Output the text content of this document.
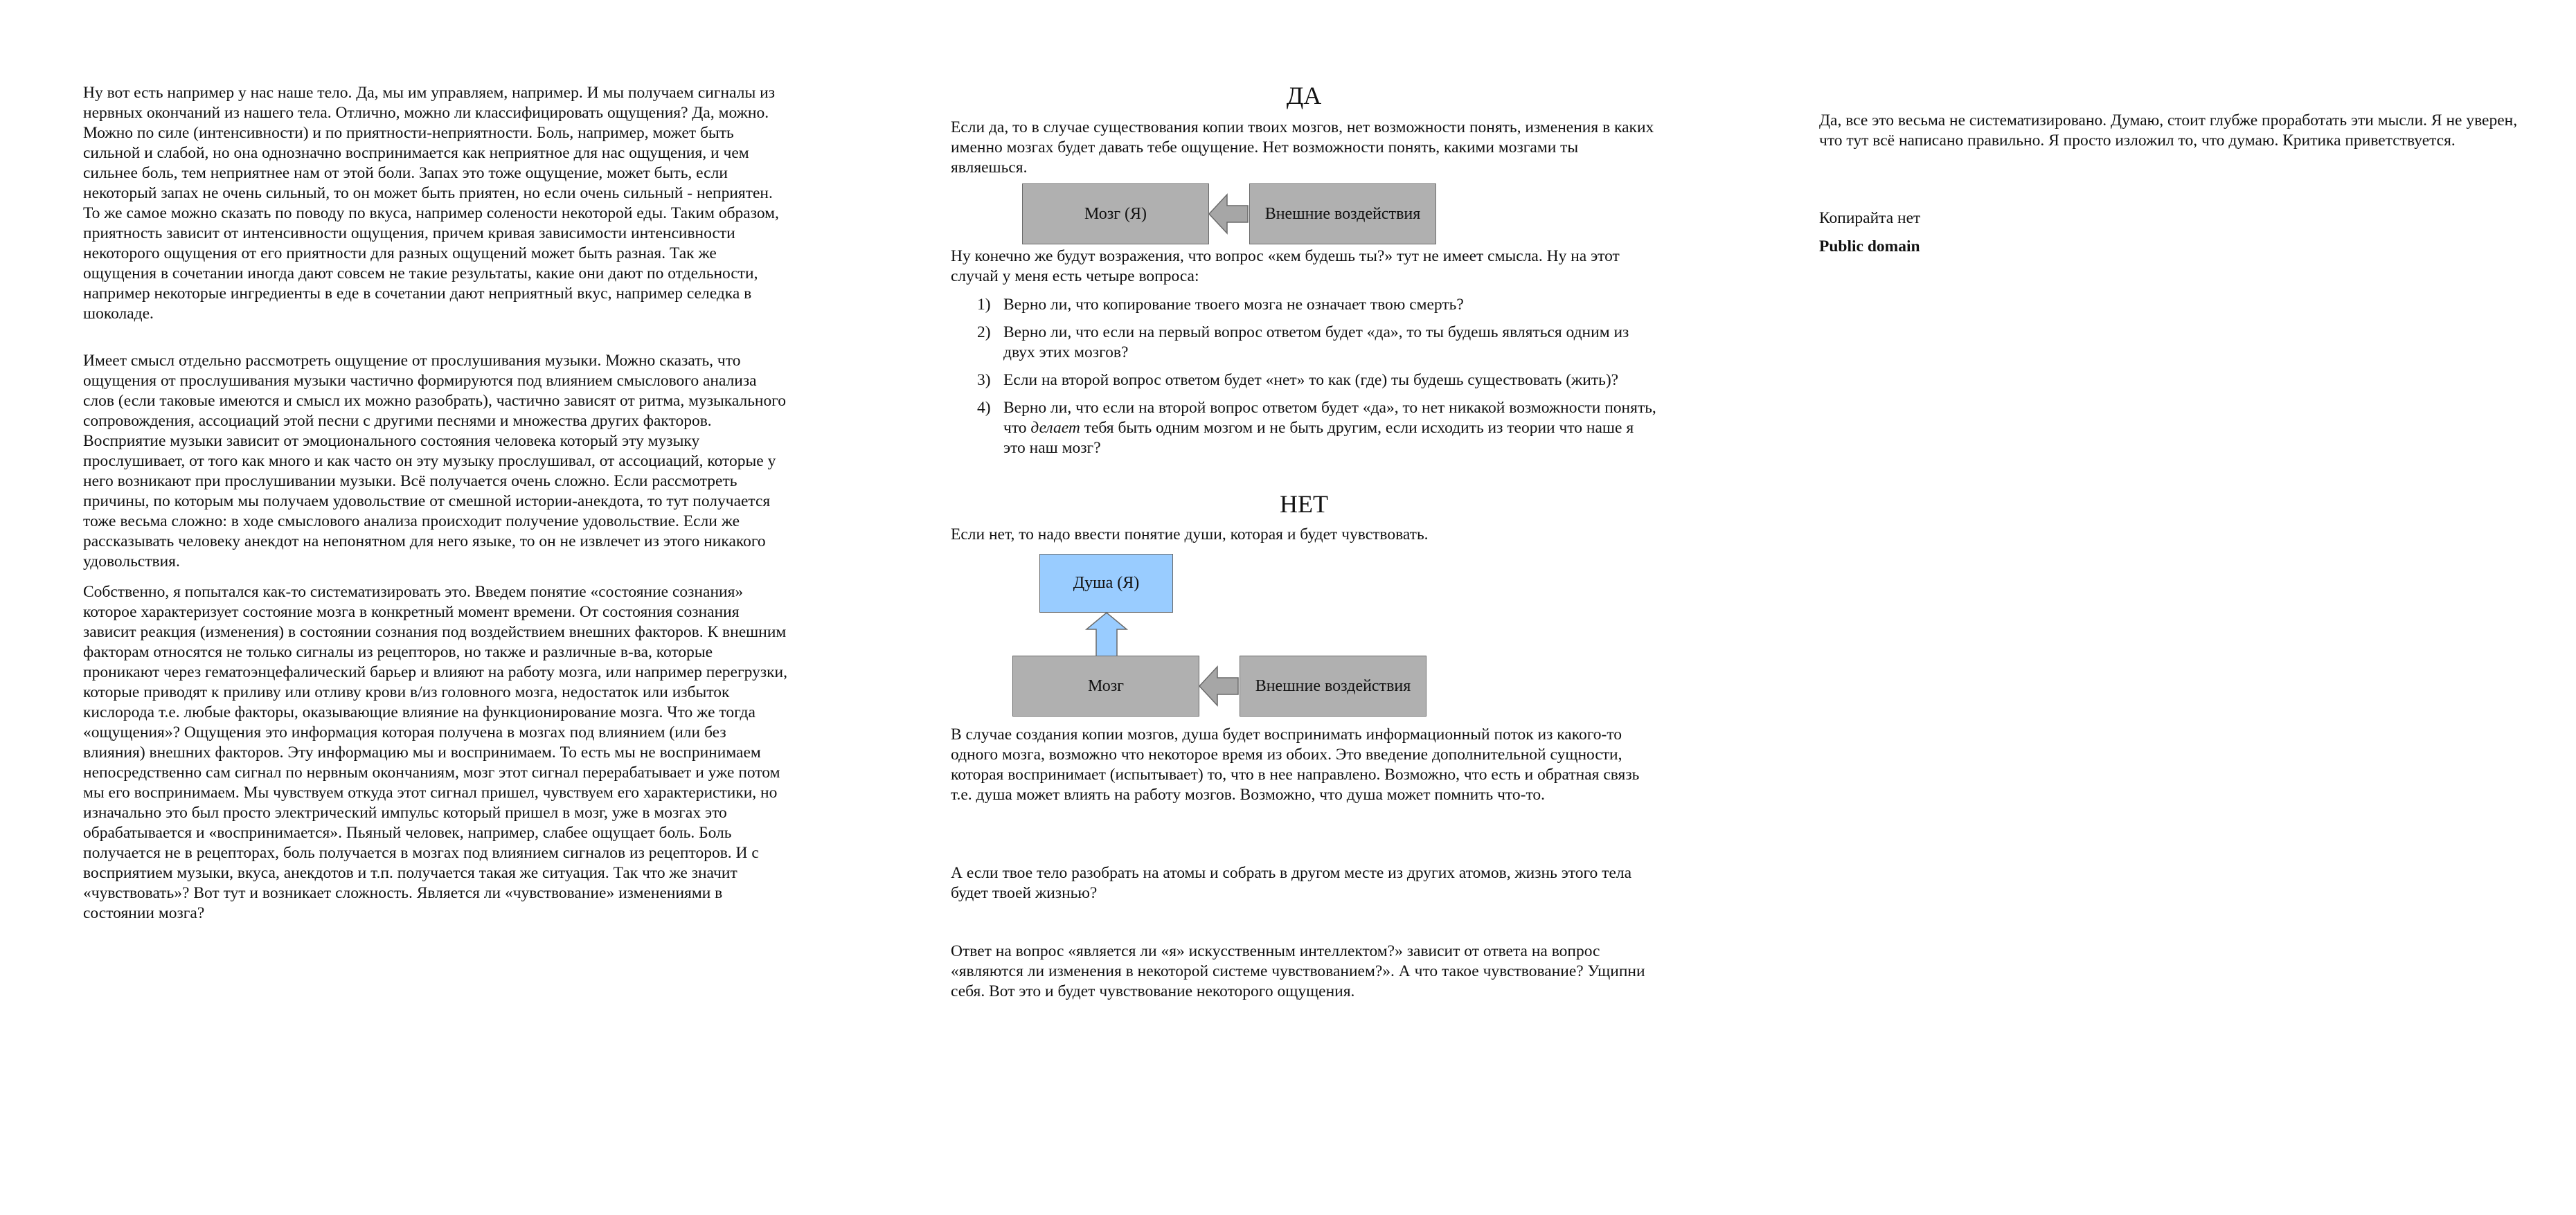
Ну вот есть например у нас наше тело. Да, мы им управляем, например. И мы получаем сигналы из нервных окончаний из нашего тела. Отлично, можно ли классифицировать ощущения? Да, можно. Можно по силе (интенсивности) и по приятности-неприятности. Боль, например, может быть сильной и слабой, но она однозначно воспринимается как неприятное для нас ощущения, и чем сильнее боль, тем неприятнее нам от этой боли. Запах это тоже ощущение, может быть, если некоторый запах не очень сильный, то он может быть приятен, но если очень сильный - неприятен. То же самое можно сказать по поводу по вкуса, например солености некоторой еды. Таким образом, приятность зависит от интенсивности ощущения, причем кривая зависимости интенсивности некоторого ощущения от его приятности для разных ощущений может быть разная. Так же ощущения в сочетании иногда дают совсем не такие результаты, какие они дают по отдельности, например некоторые ингредиенты в еде в сочетании дают неприятный вкус, например селедка в шоколаде.

Имеет смысл отдельно рассмотреть ощущение от прослушивания музыки. Можно сказать, что ощущения от прослушивания музыки частично формируются под влиянием смыслового анализа слов (если таковые имеются и смысл их можно разобрать), частично зависят от ритма, музыкального сопровождения, ассоциаций этой песни с другими песнями и множества других факторов. Восприятие музыки зависит от эмоционального состояния человека который эту музыку прослушивает, от того как много и как часто он эту музыку прослушивал, от ассоциаций, которые у него возникают при прослушивании музыки. Всё получается очень сложно. Если рассмотреть причины, по которым мы получаем удовольствие от смешной истории-анекдота, то тут получается тоже весьма сложно: в ходе смыслового анализа происходит получение удовольствие. Если же рассказывать человеку анекдот на непонятном для него языке, то он не извлечет из этого никакого удовольствия.

Собственно, я попытался как-то систематизировать это. Введем понятие «состояние сознания» которое характеризует состояние мозга в конкретный момент времени. От состояния сознания зависит реакция (изменения) в состоянии сознания под воздействием внешних факторов. К внешним факторам относятся не только сигналы из рецепторов, но также и различные в-ва, которые проникают через гематоэнцефалический барьер и влияют на работу мозга, или например перегрузки, которые приводят к приливу или отливу крови в/из головного мозга, недостаток или избыток кислорода т.е. любые факторы, оказывающие влияние на функционирование мозга. Что же тогда «ощущения»? Ощущения это информация которая получена в мозгах под влиянием (или без влияния) внешних факторов. Эту информацию мы и воспринимаем. То есть мы не воспринимаем непосредственно сам сигнал по нервным окончаниям, мозг этот сигнал перерабатывает и уже потом мы его воспринимаем. Мы чувствуем откуда этот сигнал пришел, чувствуем его характеристики, но изначально это был просто электрический импульс который пришел в мозг, уже в мозгах это обрабатывается и «воспринимается». Пьяный человек, например, слабее ощущает боль. Боль получается не в рецепторах, боль получается в мозгах под влиянием сигналов из рецепторов. И с восприятием музыки, вкуса, анекдотов и т.п. получается такая же ситуация. Так что же значит «чувствовать»? Вот тут и возникает сложность. Является ли «чувствование» изменениями в состоянии мозга?

ДА

Если да, то в случае существования копии твоих мозгов, нет возможности понять, изменения в каких именно мозгах будет давать тебе ощущение. Нет возможности понять, какими мозгами ты являешься.

Мозг (Я)	Внешние воздействия

Ну конечно же будут возражения, что вопрос «кем будешь ты?» тут не имеет смысла. Ну на этот случай у меня есть четыре вопроса:

1) Верно ли, что копирование твоего мозга не означает твою смерть?
2) Верно ли, что если на первый вопрос ответом будет «да», то ты будешь являться одним из двух этих мозгов?
3) Если на второй вопрос ответом будет «нет» то как (где) ты будешь существовать (жить)?
4) Верно ли, что если на второй вопрос ответом будет «да», то нет никакой возможности понять, что делает тебя быть одним мозгом и не быть другим, если исходить из теории что наше я это наш мозг?
НЕТ

Если нет, то надо ввести понятие души, которая и будет чувствовать.

Душа (Я)
Мозг	Внешние воздействия

В случае создания копии мозгов, душа будет воспринимать информационный поток из какого-то одного мозга, возможно что некоторое время из обоих. Это введение дополнительной сущности, которая воспринимает (испытывает) то, что в нее направлено. Возможно, что есть и обратная связь т.е. душа может влиять на работу мозгов. Возможно, что душа может помнить что-то.

А если твое тело разобрать на атомы и собрать в другом месте из других атомов, жизнь этого тела будет твоей жизнью?

Ответ на вопрос «является ли «я» искусственным интеллектом?» зависит от ответа на вопрос «являются ли изменения в некоторой системе чувствованием?». А что такое чувствование? Ущипни себя. Вот это и будет чувствование некоторого ощущения.

Да, все это весьма не систематизировано. Думаю, стоит глубже проработать эти мысли. Я не уверен, что тут всё написано правильно. Я просто изложил то, что думаю. Критика приветствуется.

Копирайта нет

Public domain
